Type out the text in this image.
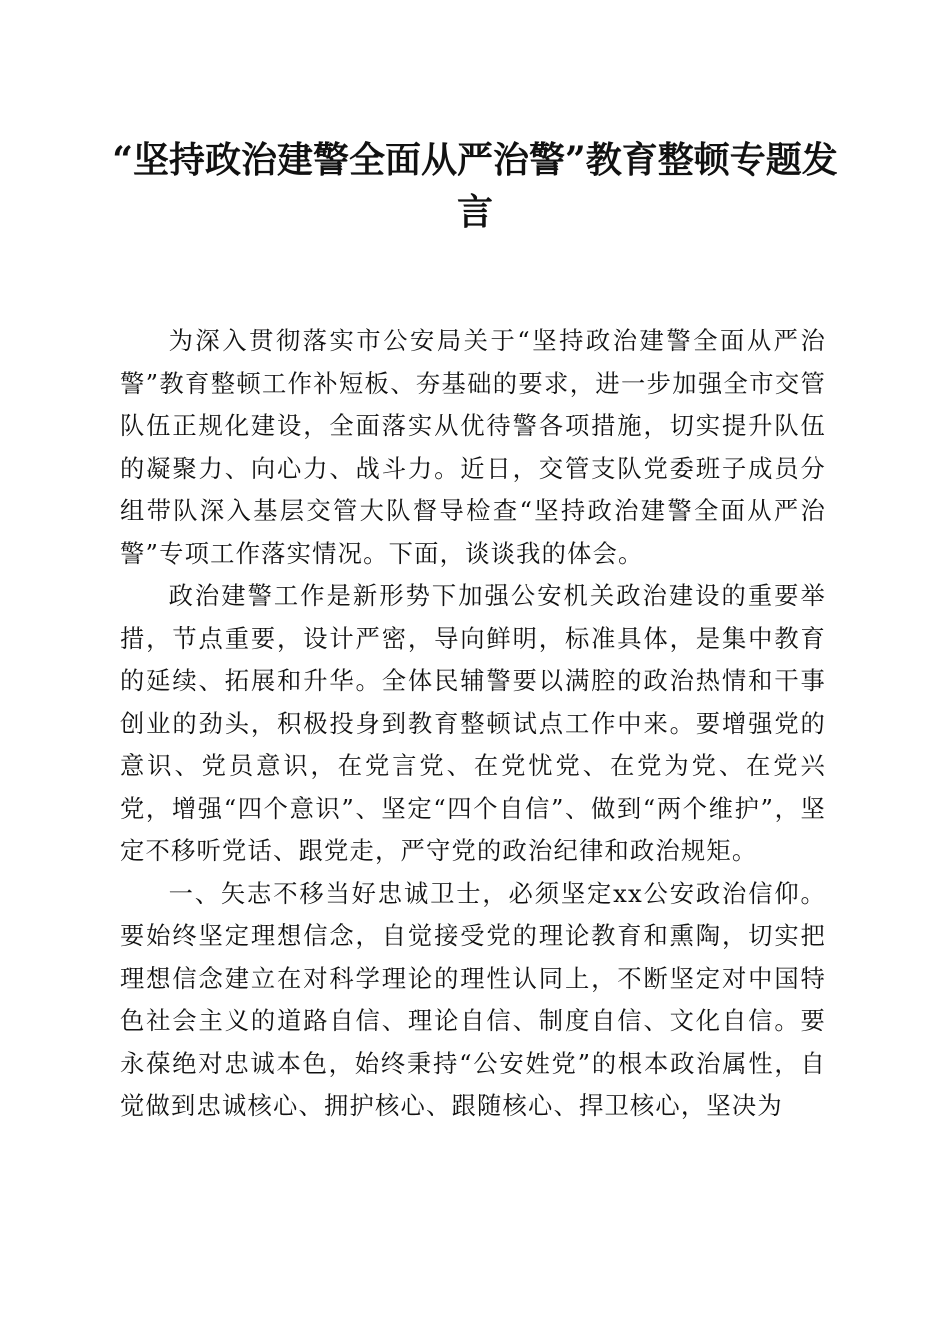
“坚持政治建警全面从严治警”教育整顿专题发言

为深入贯彻落实市公安局关于“坚持政治建警全面从严治警”教育整顿工作补短板、夯基础的要求，进一步加强全市交管队伍正规化建设，全面落实从优待警各项措施，切实提升队伍的凝聚力、向心力、战斗力。近日，交管支队党委班子成员分组带队深入基层交管大队督导检查“坚持政治建警全面从严治警”专项工作落实情况。下面，谈谈我的体会。

政治建警工作是新形势下加强公安机关政治建设的重要举措，节点重要，设计严密，导向鲜明，标准具体，是集中教育的延续、拓展和升华。全体民辅警要以满腔的政治热情和干事创业的劲头，积极投身到教育整顿试点工作中来。要增强党的意识、党员意识，在党言党、在党忧党、在党为党、在党兴党，增强“四个意识”、坚定“四个自信”、做到“两个维护”，坚定不移听党话、跟党走，严守党的政治纪律和政治规矩。

一、矢志不移当好忠诚卫士，必须坚定xx公安政治信仰。要始终坚定理想信念，自觉接受党的理论教育和熏陶，切实把理想信念建立在对科学理论的理性认同上，不断坚定对中国特色社会主义的道路自信、理论自信、制度自信、文化自信。要永葆绝对忠诚本色，始终秉持“公安姓党”的根本政治属性，自觉做到忠诚核心、拥护核心、跟随核心、捍卫核心，坚决为
